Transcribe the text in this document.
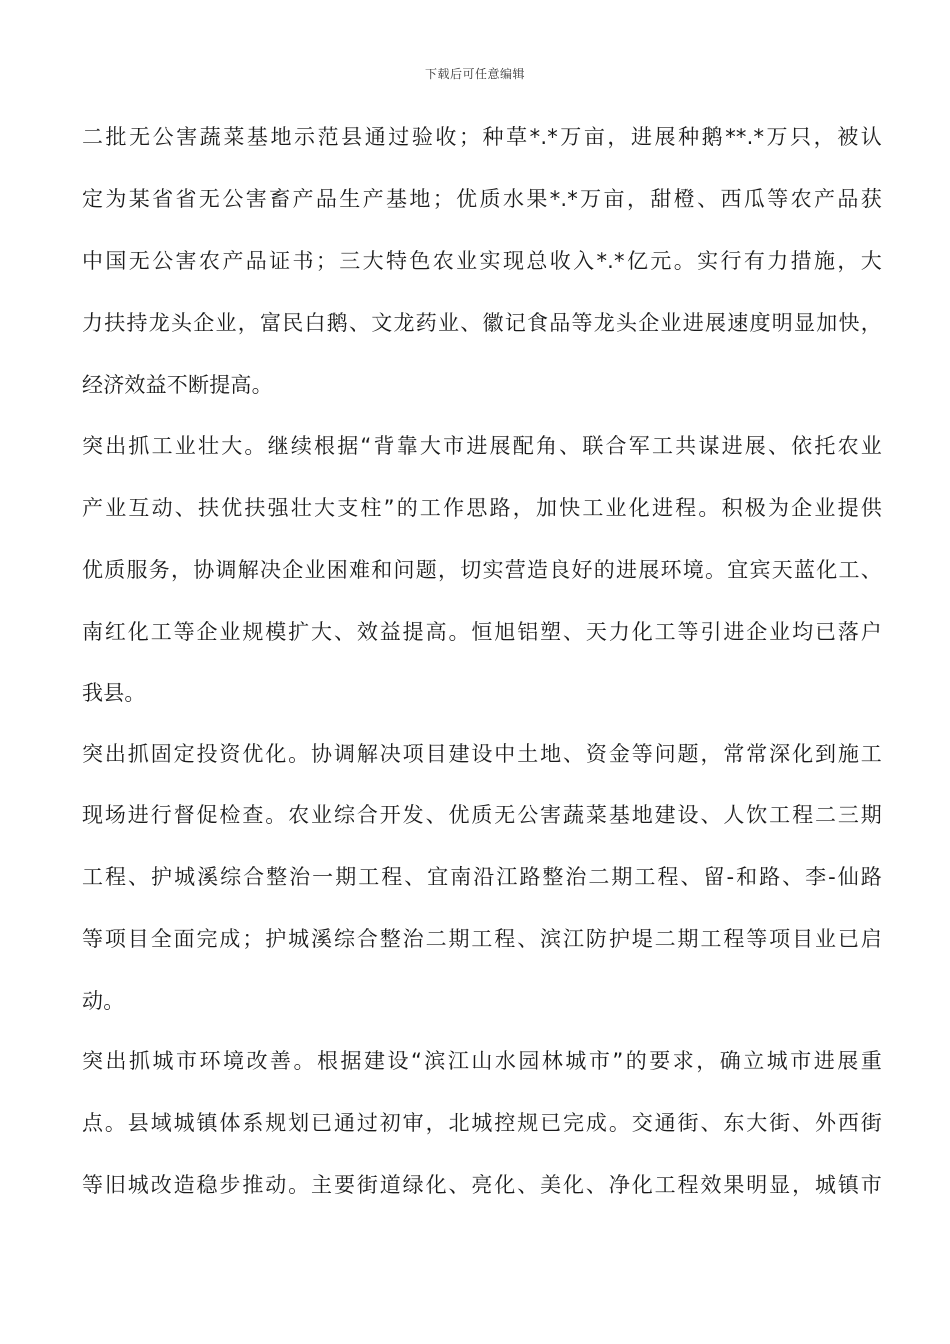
下载后可任意编辑
二批无公害蔬菜基地示范县通过验收；种草*.*万亩，进展种鹅**.*万只，被认
定为某省省无公害畜产品生产基地；优质水果*.*万亩，甜橙、西瓜等农产品获
中国无公害农产品证书；三大特色农业实现总收入*.*亿元。实行有力措施，大
力扶持龙头企业，富民白鹅、文龙药业、徽记食品等龙头企业进展速度明显加快，
经济效益不断提高。
突出抓工业壮大。继续根据“背靠大市进展配角、联合军工共谋进展、依托农业
产业互动、扶优扶强壮大支柱”的工作思路，加快工业化进程。积极为企业提供
优质服务，协调解决企业困难和问题，切实营造良好的进展环境。宜宾天蓝化工、
南红化工等企业规模扩大、效益提高。恒旭铝塑、天力化工等引进企业均已落户
我县。
突出抓固定投资优化。协调解决项目建设中土地、资金等问题，常常深化到施工
现场进行督促检查。农业综合开发、优质无公害蔬菜基地建设、人饮工程二三期
工程、护城溪综合整治一期工程、宜南沿江路整治二期工程、留-和路、李-仙路
等项目全面完成；护城溪综合整治二期工程、滨江防护堤二期工程等项目业已启
动。
突出抓城市环境改善。根据建设“滨江山水园林城市”的要求，确立城市进展重
点。县域城镇体系规划已通过初审，北城控规已完成。交通街、东大街、外西街
等旧城改造稳步推动。主要街道绿化、亮化、美化、净化工程效果明显，城镇市
